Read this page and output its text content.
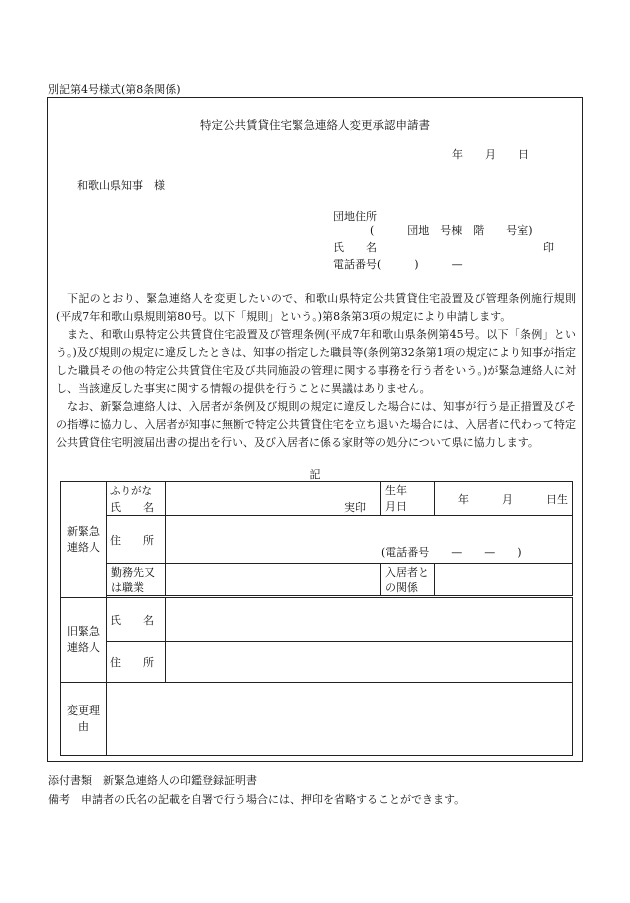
別記第4号様式(第8条関係)
特定公共賃貸住宅緊急連絡人変更承認申請書
年　　月　　日
和歌山県知事　様
団地住所
(　　　団地　号棟　階　　号室)
氏　　名	印
電話番号(　　　)　　　—

下記のとおり、緊急連絡人を変更したいので、和歌山県特定公共賃貸住宅設置及び管理条例施行規則(平成7年和歌山県規則第80号。以下「規則」という。)第8条第3項の規定により申請します。

また、和歌山県特定公共賃貸住宅設置及び管理条例(平成7年和歌山県条例第45号。以下「条例」という。)及び規則の規定に違反したときは、知事の指定した職員等(条例第32条第1項の規定により知事が指定した職員その他の特定公共賃貸住宅及び共同施設の管理に関する事務を行う者をいう。)が緊急連絡人に対し、当該違反した事実に関する情報の提供を行うことに異議はありません。

なお、新緊急連絡人は、入居者が条例及び規則の規定に違反した場合には、知事が行う是正措置及びその指導に協力し、入居者が知事に無断で特定公共賃貸住宅を立ち退いた場合には、入居者に代わって特定公共賃貸住宅明渡届出書の提出を行い、及び入居者に係る家財等の処分について県に協力します。

記
新緊急連絡人	ふりがな		生年月日	年　　　月　　　日生
	氏　　名	実印		
	住　　所	(電話番号　　—　　—　　)		

	勤務先又は職業		入居者との関係	

旧緊急連絡人	氏　　名			
	住　　所			

変更理由				

添付書類　新緊急連絡人の印鑑登録証明書
備考　申請者の氏名の記載を自署で行う場合には、押印を省略することができます。
